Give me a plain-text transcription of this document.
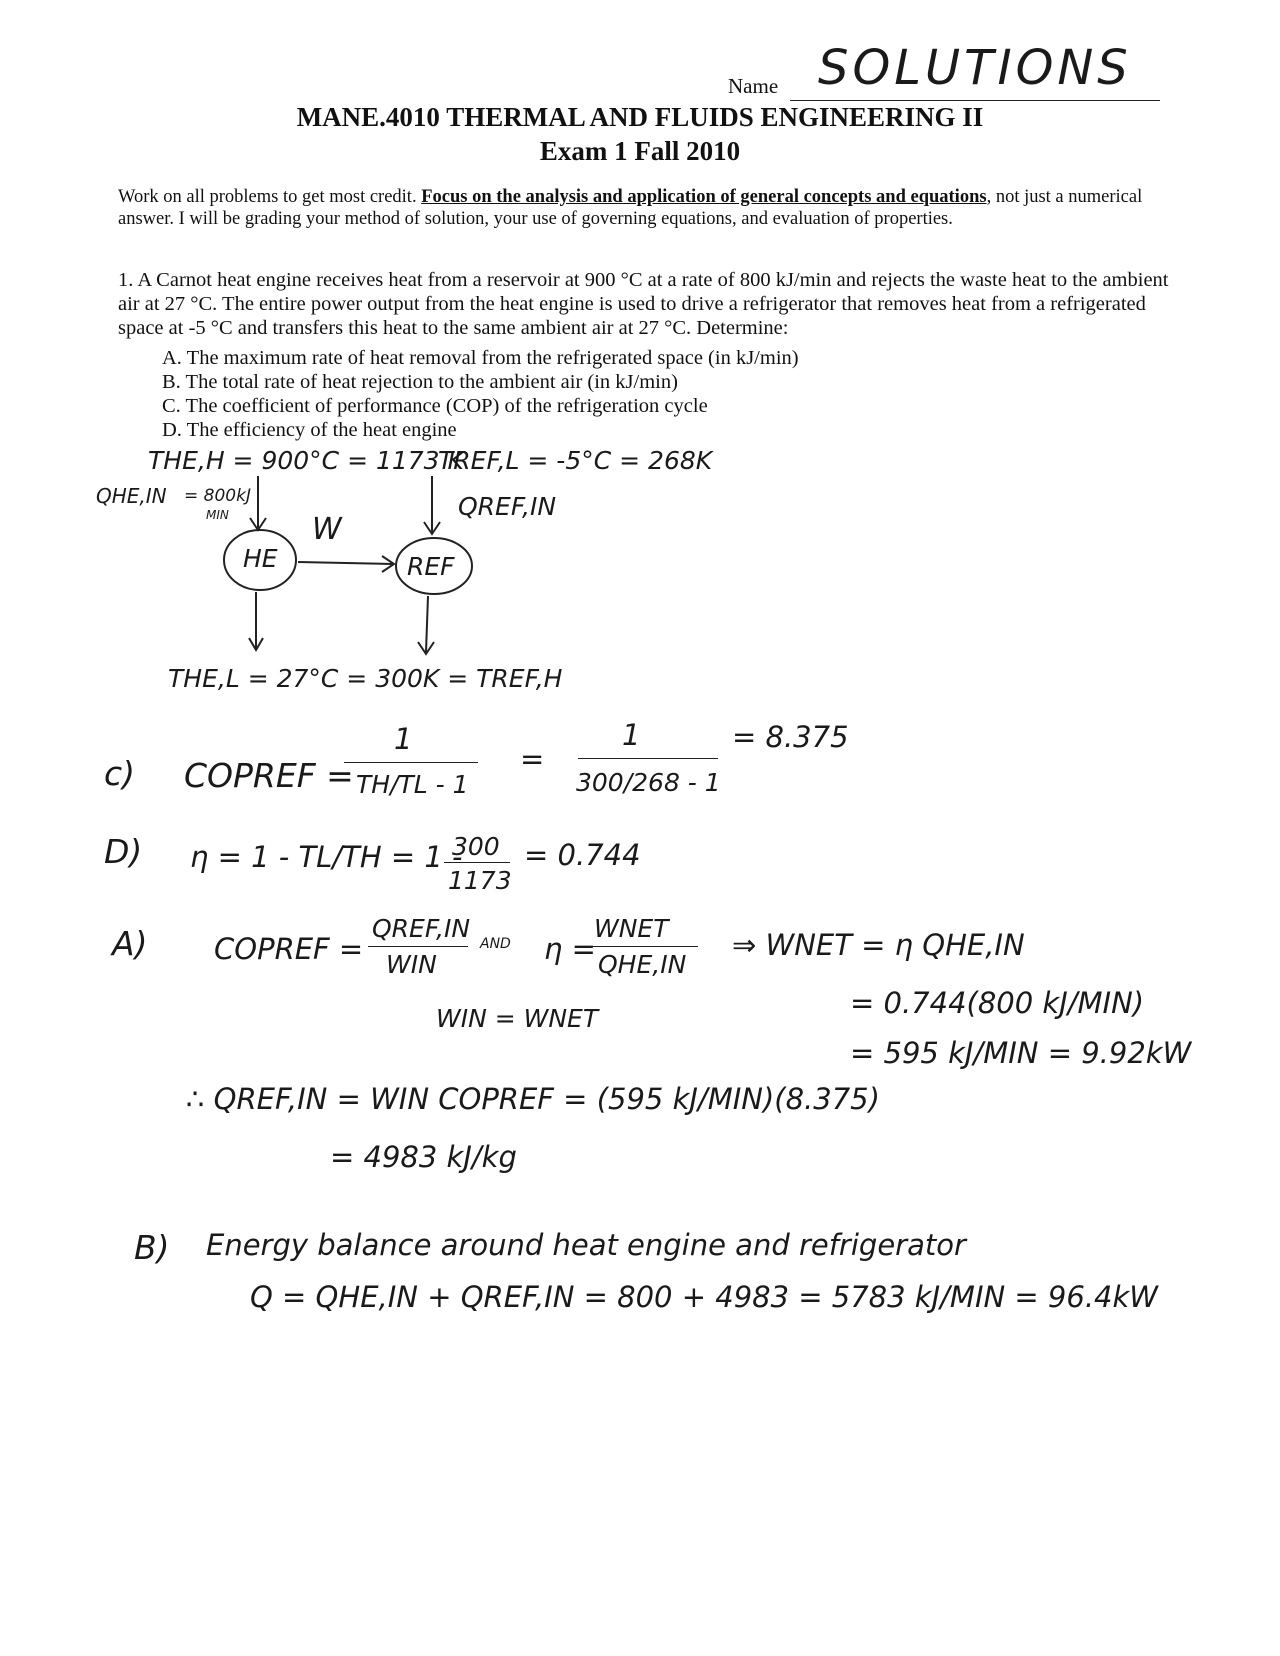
Name SOLUTIONS
MANE.4010 THERMAL AND FLUIDS ENGINEERING II
Exam 1 Fall 2010
Work on all problems to get most credit. Focus on the analysis and application of general concepts and equations, not just a numerical answer. I will be grading your method of solution, your use of governing equations, and evaluation of properties.
1. A Carnot heat engine receives heat from a reservoir at 900 °C at a rate of 800 kJ/min and rejects the waste heat to the ambient air at 27 °C. The entire power output from the heat engine is used to drive a refrigerator that removes heat from a refrigerated space at -5 °C and transfers this heat to the same ambient air at 27 °C. Determine:
A. The maximum rate of heat removal from the refrigerated space (in kJ/min)
B. The total rate of heat rejection to the ambient air (in kJ/min)
C. The coefficient of performance (COP) of the refrigeration cycle
D. The efficiency of the heat engine
THE,H = 900°C = 1173 K
TREF,L = -5°C = 268K
QHE,IN = 800kJ
MIN	W
QREF,IN
HE	REF
THE,L = 27°C = 300K = TREF,H
c) COPREF =
1
TH/TL - 1
=
1
300/268 - 1
= 8.375
D) η = 1 - TL/TH = 1 -
300
1173
= 0.744
A) COPREF =
QREF,IN
WIN
AND η =
WNET
QHE,IN
WIN = WNET
⇒ WNET = η QHE,IN
= 0.744(800 kJ/MIN)
= 595 kJ/MIN = 9.92kW
∴ QREF,IN = WIN COPREF = (595 kJ/MIN)(8.375)
= 4983 kJ/kg
B) Energy balance around heat engine and refrigerator
Q = QHE,IN + QREF,IN = 800 + 4983 = 5783 kJ/MIN = 96.4kW
